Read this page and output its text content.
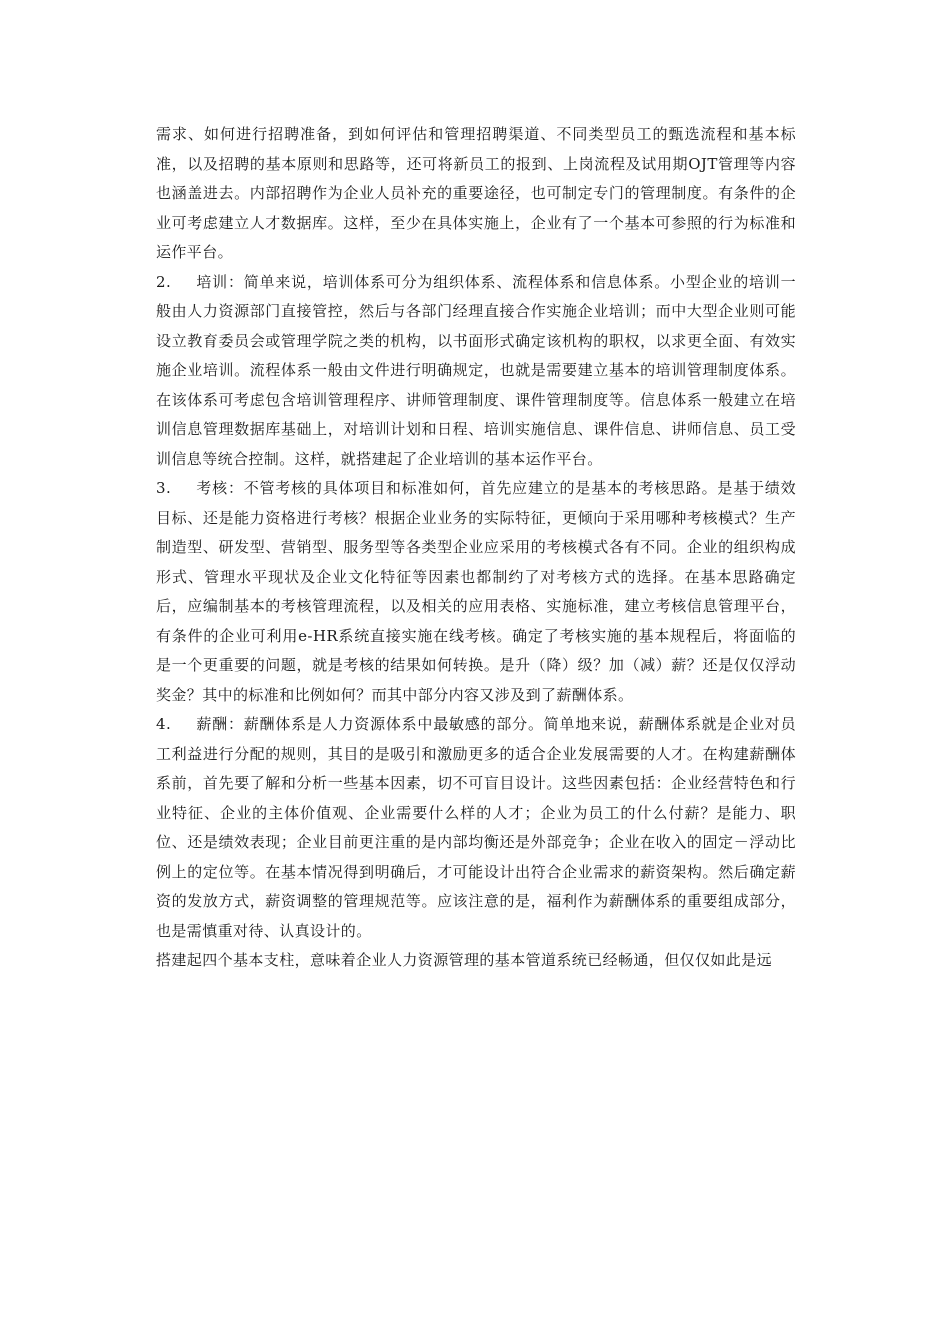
需求、如何进行招聘准备，到如何评估和管理招聘渠道、不同类型员工的甄选流程和基本标准，以及招聘的基本原则和思路等，还可将新员工的报到、上岗流程及试用期OJT管理等内容也涵盖进去。内部招聘作为企业人员补充的重要途径，也可制定专门的管理制度。有条件的企业可考虑建立人才数据库。这样，至少在具体实施上，企业有了一个基本可参照的行为标准和运作平台。

2. 培训：简单来说，培训体系可分为组织体系、流程体系和信息体系。小型企业的培训一般由人力资源部门直接管控，然后与各部门经理直接合作实施企业培训；而中大型企业则可能设立教育委员会或管理学院之类的机构，以书面形式确定该机构的职权，以求更全面、有效实施企业培训。流程体系一般由文件进行明确规定，也就是需要建立基本的培训管理制度体系。在该体系可考虑包含培训管理程序、讲师管理制度、课件管理制度等。信息体系一般建立在培训信息管理数据库基础上，对培训计划和日程、培训实施信息、课件信息、讲师信息、员工受训信息等统合控制。这样，就搭建起了企业培训的基本运作平台。

3. 考核：不管考核的具体项目和标准如何，首先应建立的是基本的考核思路。是基于绩效目标、还是能力资格进行考核？根据企业业务的实际特征，更倾向于采用哪种考核模式？生产制造型、研发型、营销型、服务型等各类型企业应采用的考核模式各有不同。企业的组织构成形式、管理水平现状及企业文化特征等因素也都制约了对考核方式的选择。在基本思路确定后，应编制基本的考核管理流程，以及相关的应用表格、实施标准，建立考核信息管理平台，有条件的企业可利用e-HR系统直接实施在线考核。确定了考核实施的基本规程后，将面临的是一个更重要的问题，就是考核的结果如何转换。是升（降）级？加（减）薪？还是仅仅浮动奖金？其中的标准和比例如何？而其中部分内容又涉及到了薪酬体系。

4. 薪酬：薪酬体系是人力资源体系中最敏感的部分。简单地来说，薪酬体系就是企业对员工利益进行分配的规则，其目的是吸引和激励更多的适合企业发展需要的人才。在构建薪酬体系前，首先要了解和分析一些基本因素，切不可盲目设计。这些因素包括：企业经营特色和行业特征、企业的主体价值观、企业需要什么样的人才；企业为员工的什么付薪？是能力、职位、还是绩效表现；企业目前更注重的是内部均衡还是外部竞争；企业在收入的固定－浮动比例上的定位等。在基本情况得到明确后，才可能设计出符合企业需求的薪资架构。然后确定薪资的发放方式，薪资调整的管理规范等。应该注意的是，福利作为薪酬体系的重要组成部分，也是需慎重对待、认真设计的。

搭建起四个基本支柱，意味着企业人力资源管理的基本管道系统已经畅通，但仅仅如此是远
